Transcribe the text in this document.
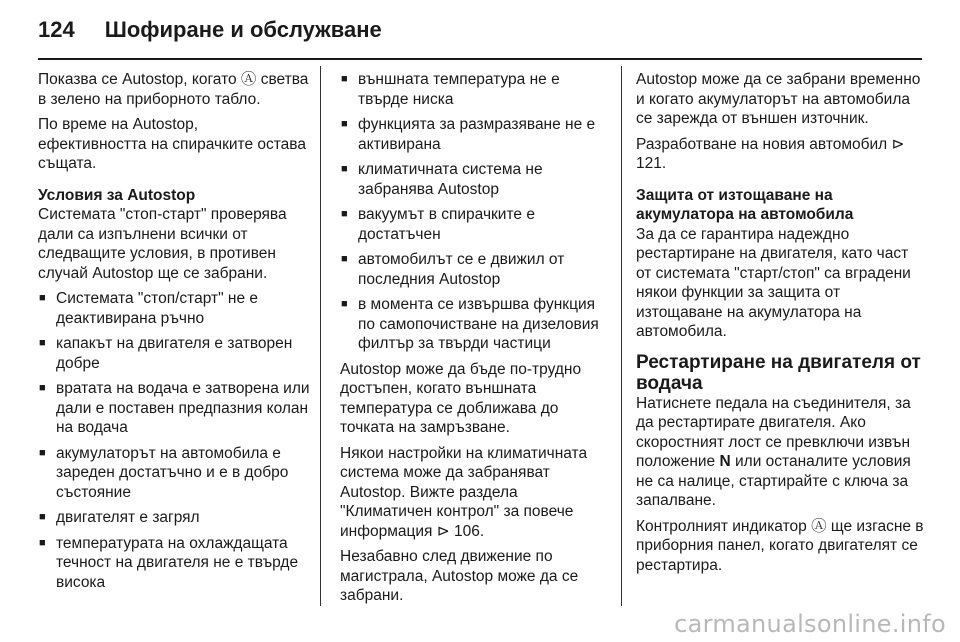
124 Шофиране и обслужване

Показва се Autostop, когато Ⓐ светва в зелено на приборното табло.

По време на Autostop, ефективността на спирачките остава същата.

Условия за Autostop

Системата "стоп-старт" проверява дали са изпълнени всички от следващите условия, в противен случай Autostop ще се забрани.

■ Системата "стоп/старт" не е деактивирана ръчно
■ капакът на двигателя е затворен добре
■ вратата на водача е затворена или дали е поставен предпазния колан на водача
■ акумулаторът на автомобила е зареден достатъчно и е в добро състояние
■ двигателят е загрял
■ температурата на охлаждащата течност на двигателя не е твърде висока
■ външната температура не е твърде ниска
■ функцията за размразяване не е активирана
■ климатичната система не забранява Autostop
■ вакуумът в спирачките е достатъчен
■ автомобилът се е движил от последния Autostop
■ в момента се извършва функция по самопочистване на дизеловия филтър за твърди частици

Autostop може да бъде по-трудно достъпен, когато външната температура се доближава до точката на замръзване.

Някои настройки на климатичната система може да забраняват Autostop. Вижте раздела "Климатичен контрол" за повече информация ⊳ 106.

Незабавно след движение по магистрала, Autostop може да се забрани.

Autostop може да се забрани временно и когато акумулаторът на автомобила се зарежда от външен източник.

Разработване на новия автомобил ⊳ 121.

Защита от изтощаване на акумулатора на автомобила

За да се гарантира надеждно рестартиране на двигателя, като част от системата "старт/стоп" са вградени някои функции за защита от изтощаване на акумулатора на автомобила.

Рестартиране на двигателя от водача

Натиснете педала на съединителя, за да рестартирате двигателя. Ако скоростният лост се превключи извън положение N или останалите условия не са налице, стартирайте с ключа за запалване.

Контролният индикатор Ⓐ ще изгасне в приборния панел, когато двигателят се рестартира.

carmanualsonline.info
